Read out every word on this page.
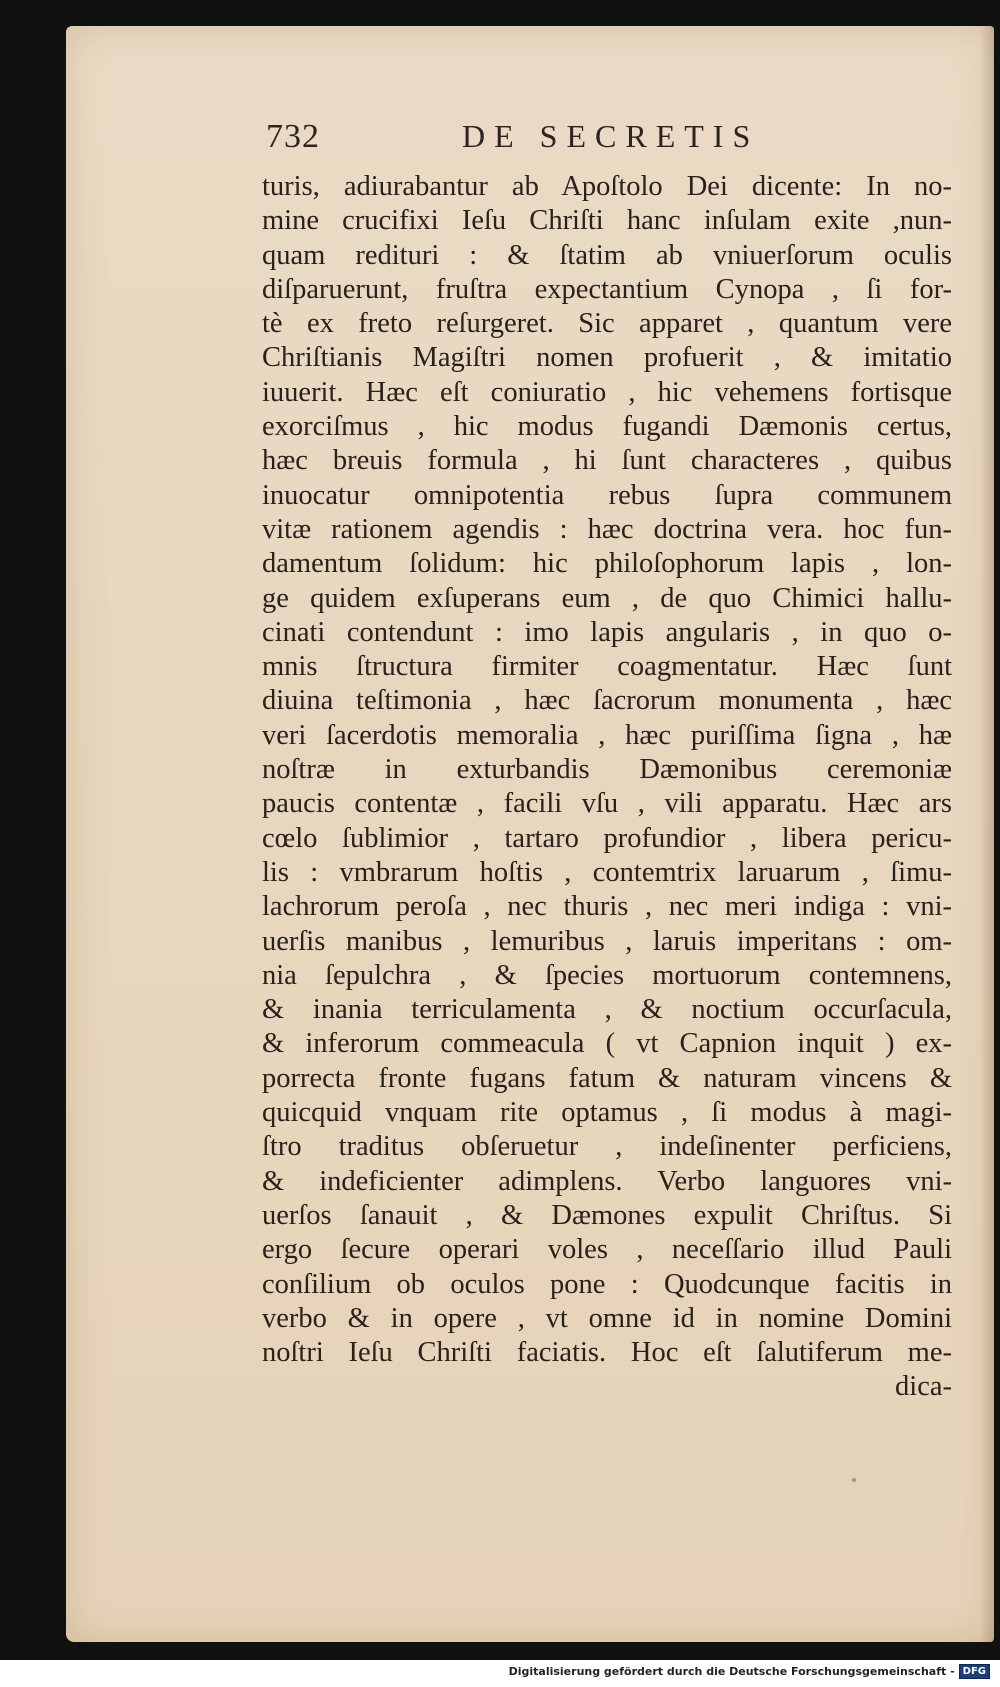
732	DE SECRETIS
turis, adiurabantur ab Apoſtolo Dei dicente: In no-
mine crucifixi Ieſu Chriſti hanc inſulam exite ,nun-
quam redituri : & ſtatim ab vniuerſorum oculis
diſparuerunt, fruſtra expectantium Cynopa , ſi for-
tè ex freto reſurgeret. Sic apparet , quantum vere
Chriſtianis Magiſtri nomen profuerit , & imitatio
iuuerit. Hæc eſt coniuratio , hic vehemens fortisque
exorciſmus , hic modus fugandi Dæmonis certus,
hæc breuis formula , hi ſunt characteres , quibus
inuocatur omnipotentia rebus ſupra communem
vitæ rationem agendis : hæc doctrina vera. hoc fun-
damentum ſolidum: hic philoſophorum lapis , lon-
ge quidem exſuperans eum , de quo Chimici hallu-
cinati contendunt : imo lapis angularis , in quo o-
mnis ſtructura firmiter coagmentatur. Hæc ſunt
diuina teſtimonia , hæc ſacrorum monumenta , hæc
veri ſacerdotis memoralia , hæc puriſſima ſigna , hæ
noſtræ in exturbandis Dæmonibus ceremoniæ
paucis contentæ , facili vſu , vili apparatu. Hæc ars
cœlo ſublimior , tartaro profundior , libera pericu-
lis : vmbrarum hoſtis , contemtrix laruarum , ſimu-
lachrorum peroſa , nec thuris , nec meri indiga : vni-
uerſis manibus , lemuribus , laruis imperitans : om-
nia ſepulchra , & ſpecies mortuorum contemnens,
& inania terriculamenta , & noctium occurſacula,
& inferorum commeacula ( vt Capnion inquit ) ex-
porrecta fronte fugans fatum & naturam vincens &
quicquid vnquam rite optamus , ſi modus à magi-
ſtro traditus obſeruetur , indeſinenter perficiens,
& indeficienter adimplens. Verbo languores vni-
uerſos ſanauit , & Dæmones expulit Chriſtus. Si
ergo ſecure operari voles , neceſſario illud Pauli
conſilium ob oculos pone : Quodcunque facitis in
verbo & in opere , vt omne id in nomine Domini
noſtri Ieſu Chriſti faciatis. Hoc eſt ſalutiferum me-
dica-
Digitalisierung gefördert durch die Deutsche Forschungsgemeinschaft - DFG
